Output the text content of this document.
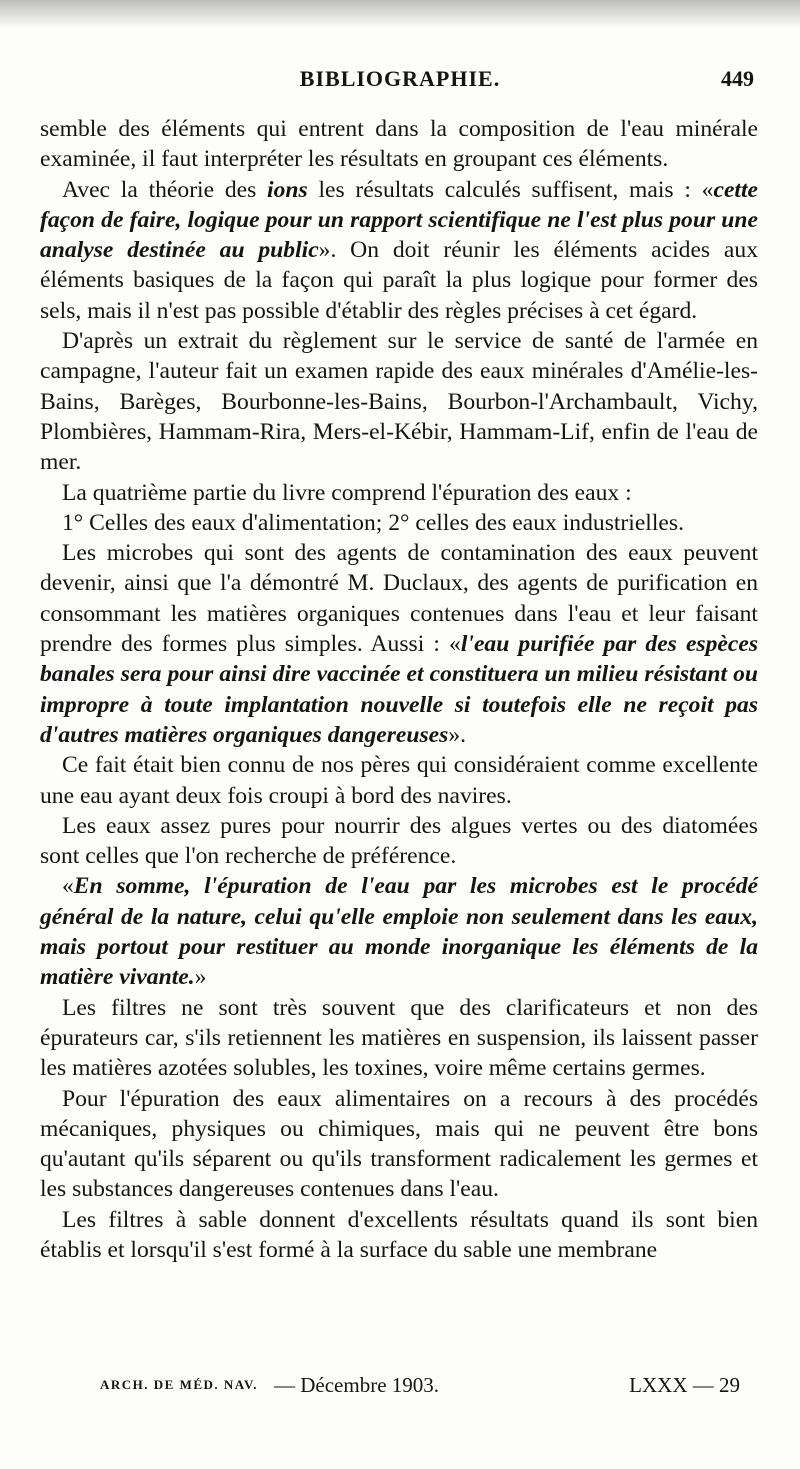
BIBLIOGRAPHIE.	449

semble des éléments qui entrent dans la composition de l'eau minérale examinée, il faut interpréter les résultats en groupant ces éléments.

Avec la théorie des ions les résultats calculés suffisent, mais : «cette façon de faire, logique pour un rapport scientifique ne l'est plus pour une analyse destinée au public». On doit réunir les éléments acides aux éléments basiques de la façon qui paraît la plus logique pour former des sels, mais il n'est pas possible d'établir des règles précises à cet égard.

D'après un extrait du règlement sur le service de santé de l'armée en campagne, l'auteur fait un examen rapide des eaux minérales d'Amélie-les-Bains, Barèges, Bourbonne-les-Bains, Bourbon-l'Archambault, Vichy, Plombières, Hammam-Rira, Mers-el-Kébir, Hammam-Lif, enfin de l'eau de mer.

La quatrième partie du livre comprend l'épuration des eaux :

1° Celles des eaux d'alimentation; 2° celles des eaux industrielles.

Les microbes qui sont des agents de contamination des eaux peuvent devenir, ainsi que l'a démontré M. Duclaux, des agents de purification en consommant les matières organiques contenues dans l'eau et leur faisant prendre des formes plus simples. Aussi : «l'eau purifiée par des espèces banales sera pour ainsi dire vaccinée et constituera un milieu résistant ou impropre à toute implantation nouvelle si toutefois elle ne reçoit pas d'autres matières organiques dangereuses».

Ce fait était bien connu de nos pères qui considéraient comme excellente une eau ayant deux fois croupi à bord des navires.

Les eaux assez pures pour nourrir des algues vertes ou des diatomées sont celles que l'on recherche de préférence.

«En somme, l'épuration de l'eau par les microbes est le procédé général de la nature, celui qu'elle emploie non seulement dans les eaux, mais portout pour restituer au monde inorganique les éléments de la matière vivante.»

Les filtres ne sont très souvent que des clarificateurs et non des épurateurs car, s'ils retiennent les matières en suspension, ils laissent passer les matières azotées solubles, les toxines, voire même certains germes.

Pour l'épuration des eaux alimentaires on a recours à des procédés mécaniques, physiques ou chimiques, mais qui ne peuvent être bons qu'autant qu'ils séparent ou qu'ils transforment radicalement les germes et les substances dangereuses contenues dans l'eau.

Les filtres à sable donnent d'excellents résultats quand ils sont bien établis et lorsqu'il s'est formé à la surface du sable une membrane

ARCH. DE MÉD. NAV. — Décembre 1903.	LXXX — 29
